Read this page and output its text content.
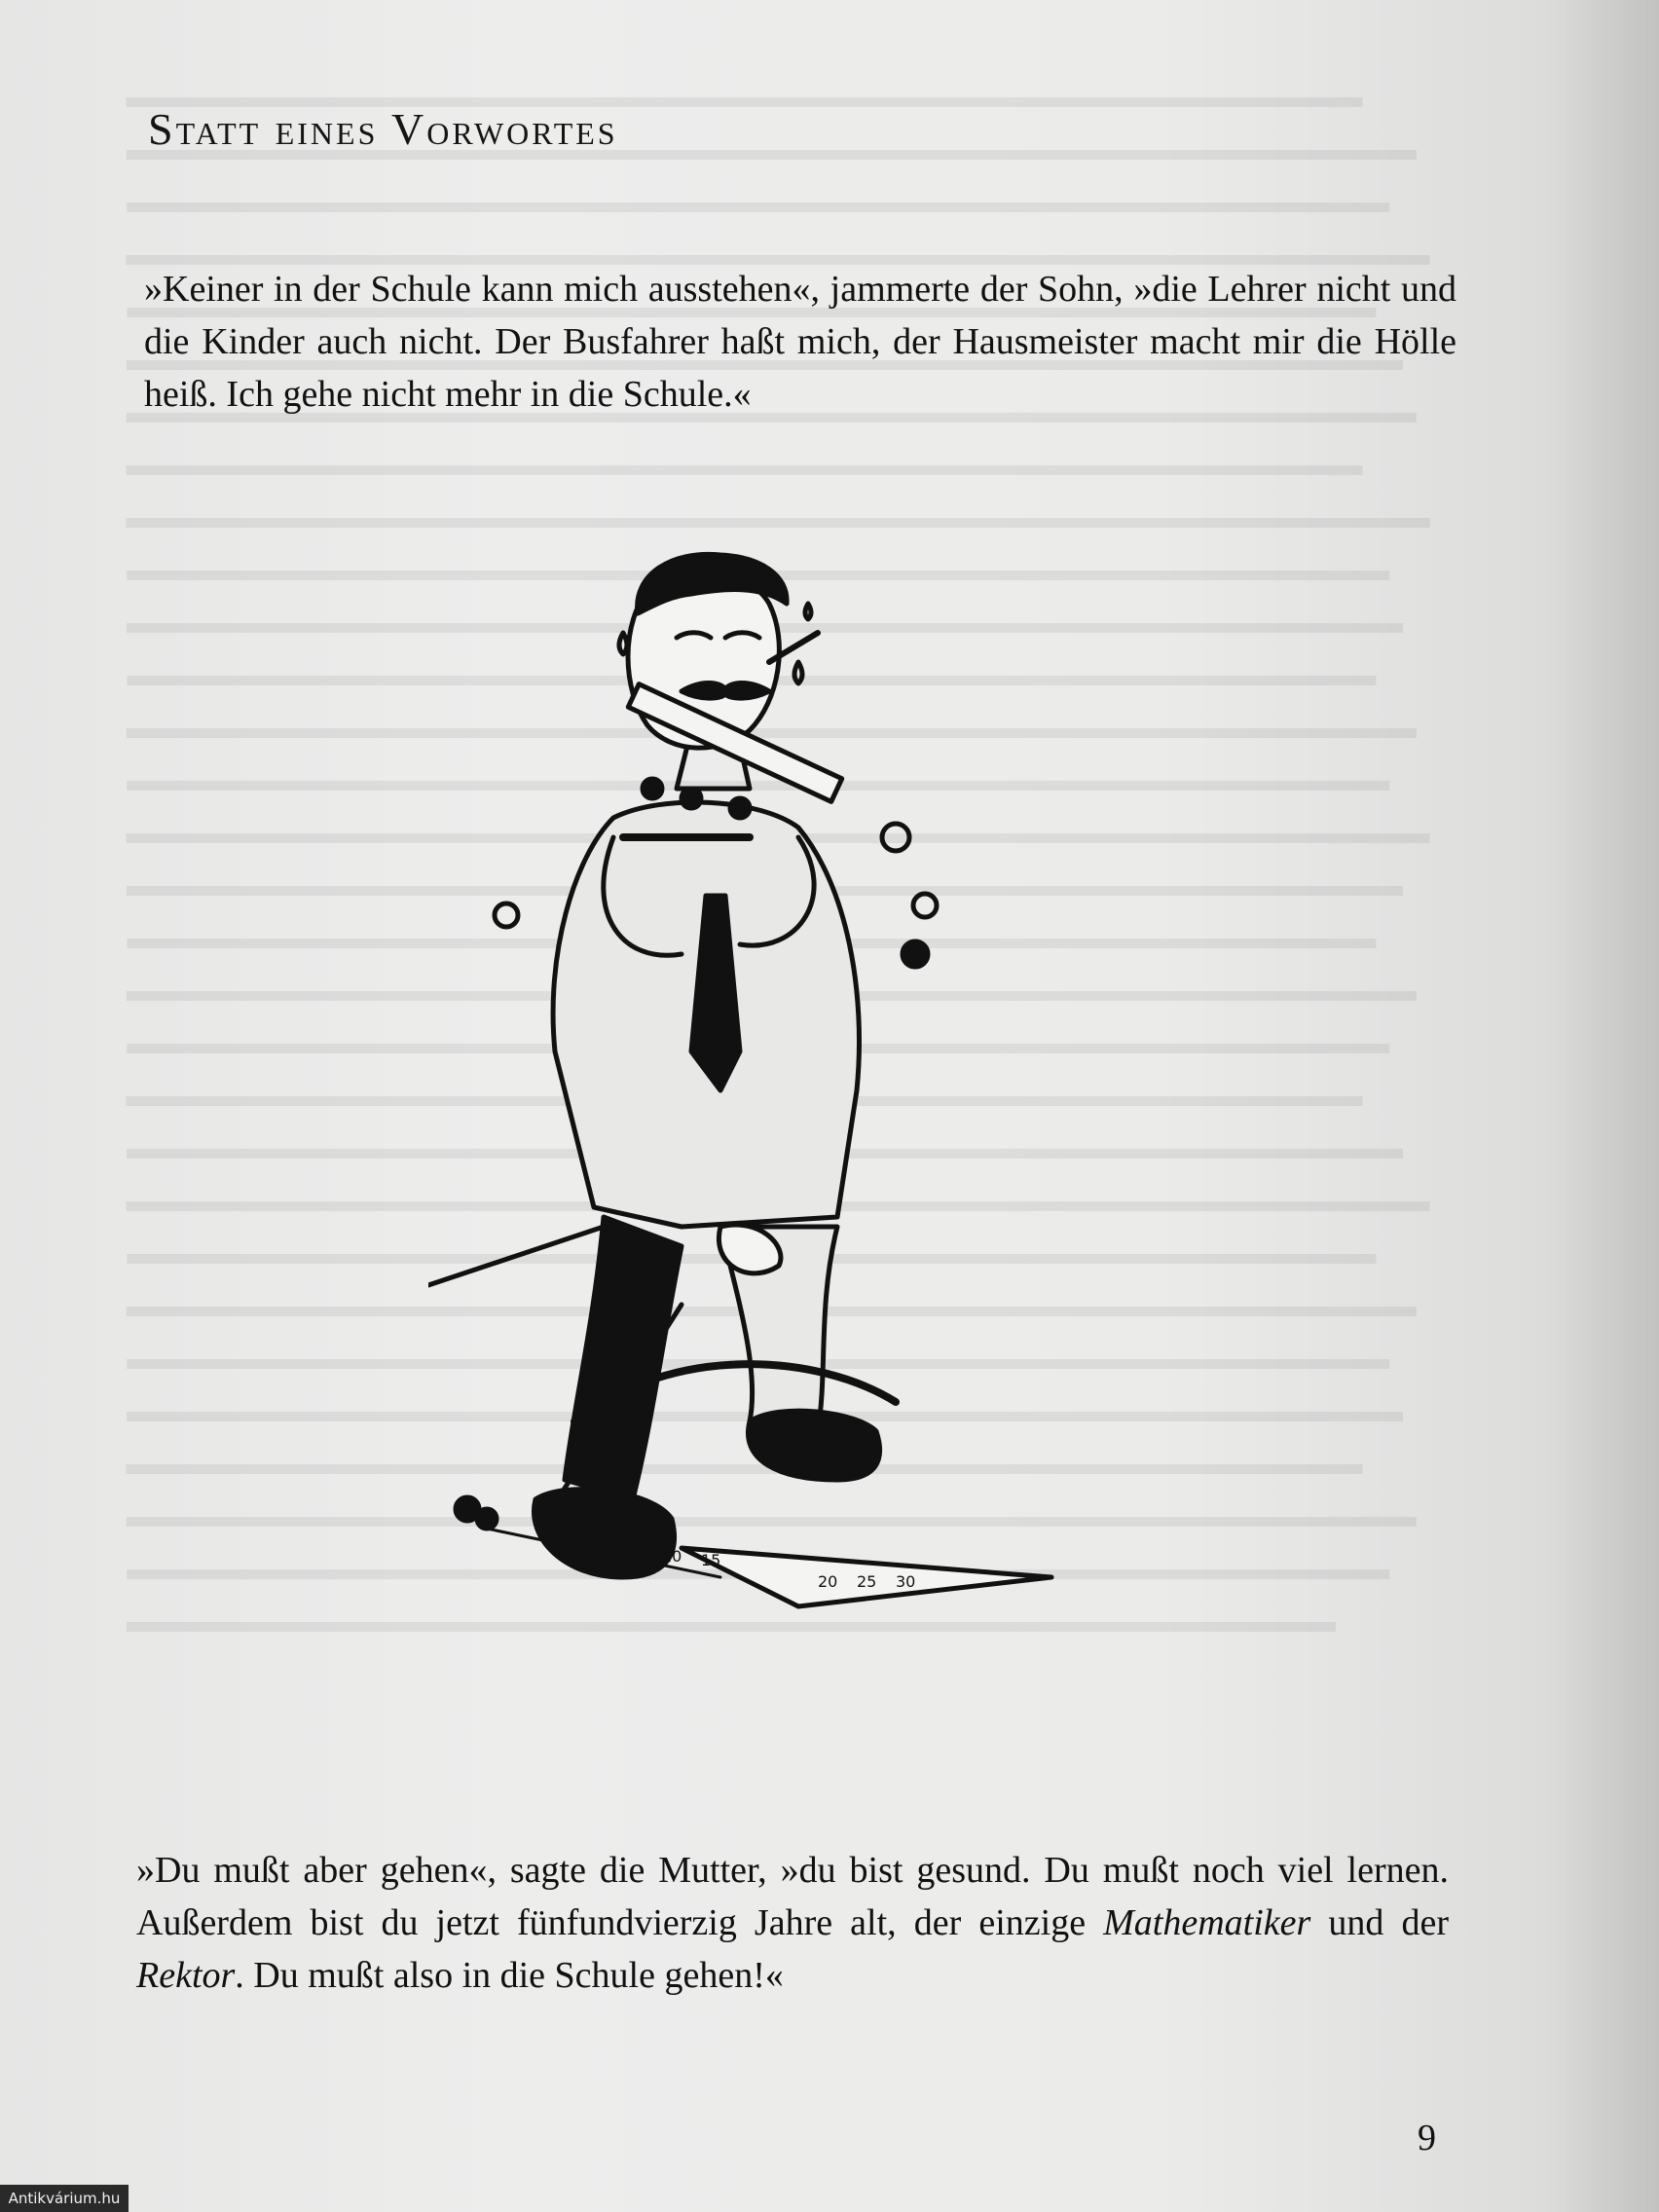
Statt eines Vorwortes

»Keiner in der Schule kann mich ausstehen«, jammerte der Sohn, »die Lehrer nicht und die Kinder auch nicht. Der Busfahrer haßt mich, der Hausmeister macht mir die Hölle heiß. Ich gehe nicht mehr in die Schule.«

5 10 15
20 25 30

»Du mußt aber gehen«, sagte die Mutter, »du bist gesund. Du mußt noch viel lernen. Außerdem bist du jetzt fünfundvierzig Jahre alt, der einzige Mathematiker und der Rektor. Du mußt also in die Schule gehen!«

9
Antikvárium.hu
